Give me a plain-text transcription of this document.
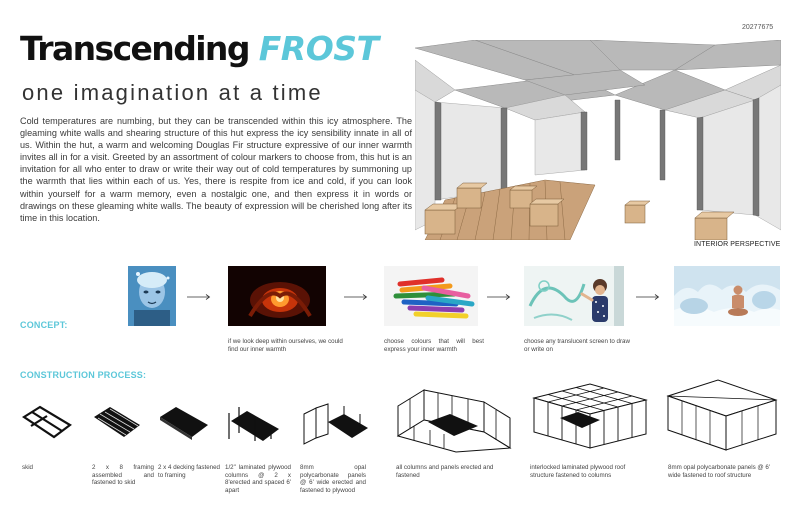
20277675
Transcending FROST
one imagination at a time
Cold temperatures are numbing, but they can be transcended within this icy atmosphere. The gleaming white walls and shearing structure of this hut express the icy sensibility innate in all of us. Within the hut, a warm and welcoming Douglas Fir structure expressive of our inner warmth invites all in for a visit. Greeted by an assortment of colour markers to choose from, this hut is an invitation for all who enter to draw or write their way out of cold temperatures by summoning up the warmth that lies within each of us. Yes, there is respite from ice and cold, if you can look within yourself for a warm memory, even a nostalgic one, and then express it in words or drawings on these gleaming white walls. The beauty of expression will be cherished long after its time in this location.
INTERIOR PERSPECTIVE
CONCEPT:
if we look deep within ourselves, we could find our inner warmth
choose colours that will best express your inner warmth
choose any translucent screen to draw or write on
CONSTRUCTION PROCESS:
skid	2 x 8 framing assembled and fastened to skid
2 x 4 decking fastened to framing
1/2" laminated plywood columns @ 2 x 8'erected and spaced 6' apart
8mm opal polycarbonate panels @ 6' wide erected and fastened to plywood
all columns and panels erected and fastened
interlocked laminated plywood roof structure fastened to columns
8mm opal polycarbonate panels @ 6' wide fastened to roof structure
